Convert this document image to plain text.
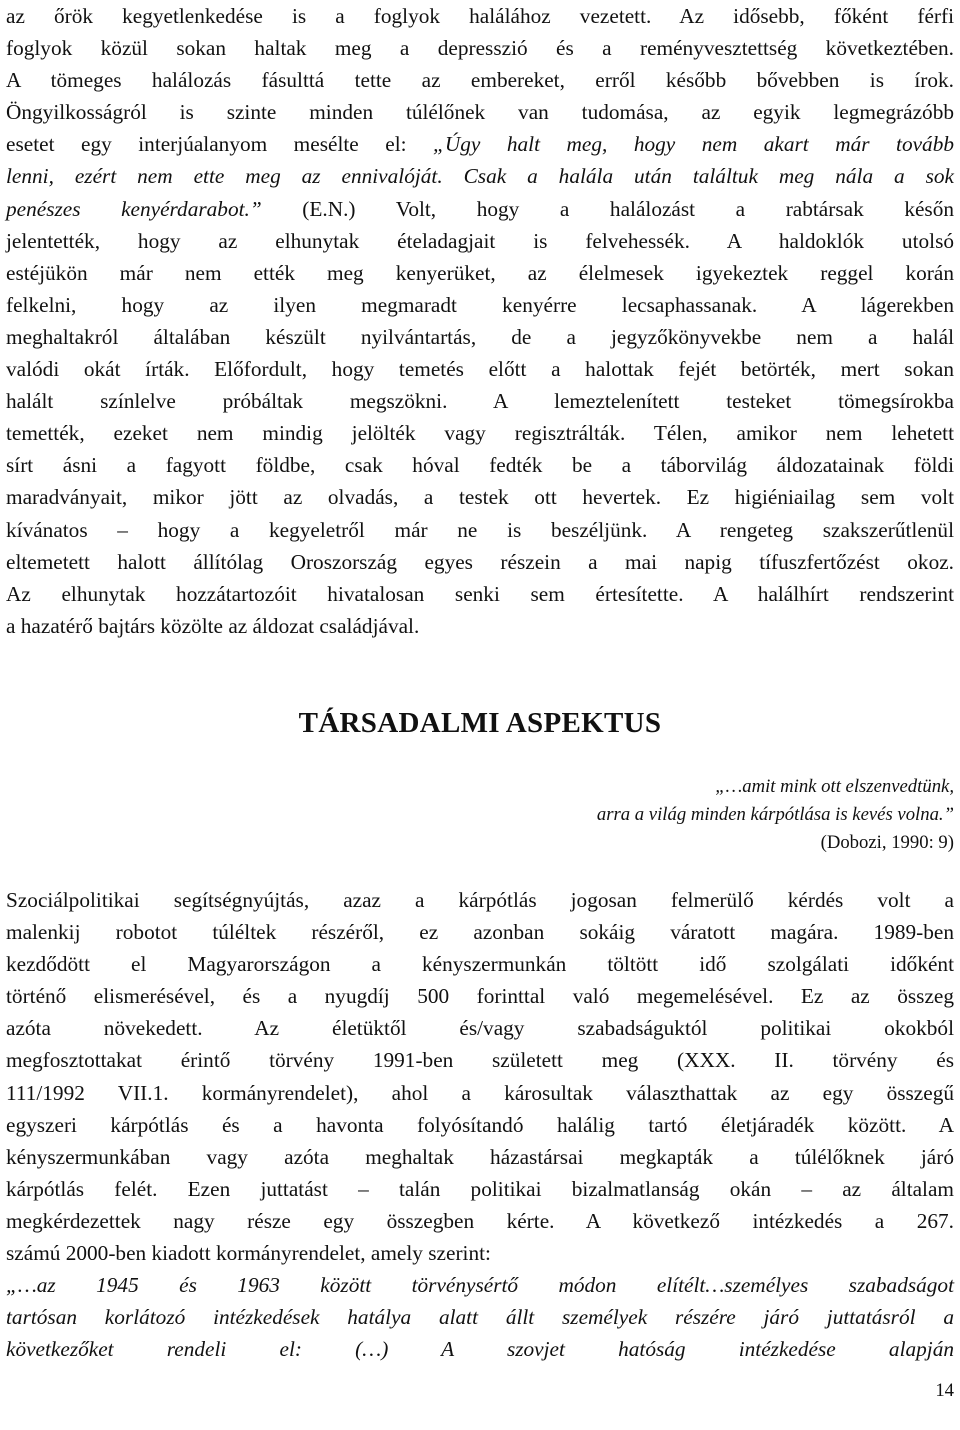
az őrök kegyetlenkedése is a foglyok halálához vezetett. Az idősebb, főként férfi
foglyok közül sokan haltak meg a depresszió és a reményvesztettség következtében.
A tömeges halálozás fásulttá tette az embereket, erről később bővebben is írok.
Öngyilkosságról is szinte minden túlélőnek van tudomása, az egyik legmegrázóbb
esetet egy interjúalanyom mesélte el: „Úgy halt meg, hogy nem akart már tovább
lenni, ezért nem ette meg az ennivalóját. Csak a halála után találtuk meg nála a sok
penészes kenyérdarabot.” (E.N.) Volt, hogy a halálozást a rabtársak későn
jelentették, hogy az elhunytak ételadagjait is felvehessék. A haldoklók utolsó
estéjükön már nem ették meg kenyerüket, az élelmesek igyekeztek reggel korán
felkelni, hogy az ilyen megmaradt kenyérre lecsaphassanak. A lágerekben
meghaltakról általában készült nyilvántartás, de a jegyzőkönyvekbe nem a halál
valódi okát írták. Előfordult, hogy temetés előtt a halottak fejét betörték, mert sokan
halált színlelve próbáltak megszökni. A lemeztelenített testeket tömegsírokba
temették, ezeket nem mindig jelölték vagy regisztrálták. Télen, amikor nem lehetett
sírt ásni a fagyott földbe, csak hóval fedték be a táborvilág áldozatainak földi
maradványait, mikor jött az olvadás, a testek ott hevertek. Ez higiéniailag sem volt
kívánatos – hogy a kegyeletről már ne is beszéljünk. A rengeteg szakszerűtlenül
eltemetett halott állítólag Oroszország egyes részein a mai napig tífuszfertőzést okoz.
Az elhunytak hozzátartozóit hivatalosan senki sem értesítette. A halálhírt rendszerint
a hazatérő bajtárs közölte az áldozat családjával.
Szociálpolitikai segítségnyújtás, azaz a kárpótlás jogosan felmerülő kérdés volt a
malenkij robotot túléltek részéről, ez azonban sokáig váratott magára. 1989-ben
kezdődött el Magyarországon a kényszermunkán töltött idő szolgálati időként
történő elismerésével, és a nyugdíj 500 forinttal való megemelésével. Ez az összeg
azóta növekedett. Az életüktől és/vagy szabadságuktól politikai okokból
megfosztottakat érintő törvény 1991-ben született meg (XXX. II. törvény és
111/1992 VII.1. kormányrendelet), ahol a károsultak választhattak az egy összegű
egyszeri kárpótlás és a havonta folyósítandó halálig tartó életjáradék között. A
kényszermunkában vagy azóta meghaltak házastársai megkapták a túlélőknek járó
kárpótlás felét. Ezen juttatást – talán politikai bizalmatlanság okán – az általam
megkérdezettek nagy része egy összegben kérte. A következő intézkedés a 267.
számú 2000-ben kiadott kormányrendelet, amely szerint:
„…az 1945 és 1963 között törvénysértő módon elítélt…személyes szabadságot
tartósan korlátozó intézkedések hatálya alatt állt személyek részére járó juttatásról a
következőket rendeli el: (…) A szovjet hatóság intézkedése alapján
TÁRSADALMI ASPEKTUS
„…amit mink ott elszenvedtünk,
arra a világ minden kárpótlása is kevés volna.”
(Dobozi, 1990: 9)
14
